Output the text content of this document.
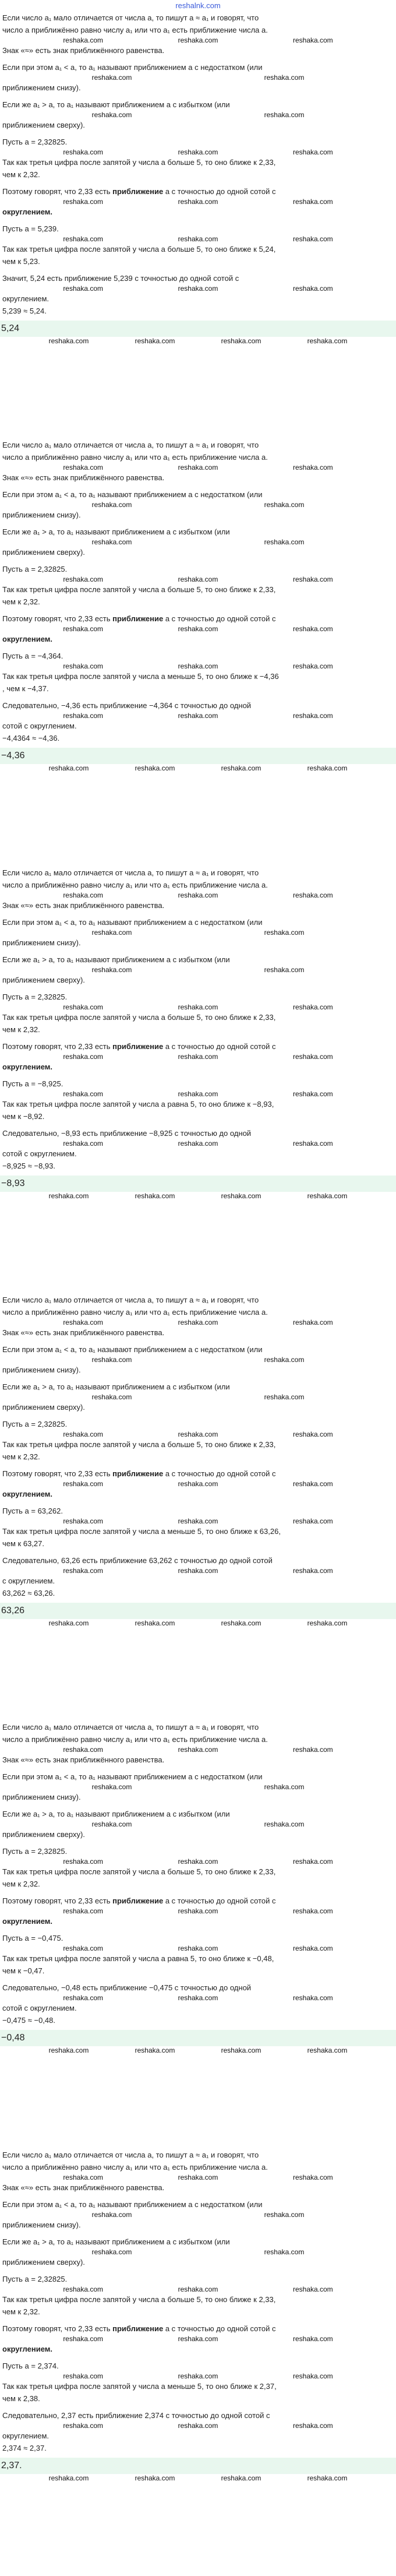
reshalnk.com

Если число a₁ мало отличается от числа a, то пишут a ≈ a₁ и говорят, что

число a приближённо равно числу a₁ или что a₁ есть приближение числа a.

reshaka.com	reshaka.com	reshaka.com

Знак «≈» есть знак приближённого равенства.

Если при этом a₁ < a, то a₁ называют приближением a с недостатком (или

reshaka.com	reshaka.com

приближением снизу).

Если же a₁ > a, то a₁ называют приближением a с избытком (или

reshaka.com	reshaka.com

приближением сверху).

Пусть a = 2,32825.

reshaka.com	reshaka.com	reshaka.com

Так как третья цифра после запятой у числа a больше 5, то оно ближе к 2,33,

чем к 2,32.

Поэтому говорят, что 2,33 есть приближение a с точностью до одной сотой с

reshaka.com	reshaka.com	reshaka.com

округлением.

Пусть a = 5,239.

reshaka.com	reshaka.com	reshaka.com

Так как третья цифра после запятой у числа a больше 5, то оно ближе к 5,24,

чем к 5,23.

Значит, 5,24 есть приближение 5,239 с точностью до одной сотой с

reshaka.com	reshaka.com	reshaka.com

округлением.

5,239 ≈ 5,24.

5,24
reshaka.com	reshaka.com	reshaka.com	reshaka.com

Если число a₁ мало отличается от числа a, то пишут a ≈ a₁ и говорят, что

число a приближённо равно числу a₁ или что a₁ есть приближение числа a.

reshaka.com	reshaka.com	reshaka.com

Знак «≈» есть знак приближённого равенства.

Если при этом a₁ < a, то a₁ называют приближением a с недостатком (или

reshaka.com	reshaka.com

приближением снизу).

Если же a₁ > a, то a₁ называют приближением a с избытком (или

reshaka.com	reshaka.com

приближением сверху).

Пусть a = 2,32825.

reshaka.com	reshaka.com	reshaka.com

Так как третья цифра после запятой у числа a больше 5, то оно ближе к 2,33,

чем к 2,32.

Поэтому говорят, что 2,33 есть приближение a с точностью до одной сотой с

reshaka.com	reshaka.com	reshaka.com

округлением.

Пусть a = −4,364.

reshaka.com	reshaka.com	reshaka.com

Так как третья цифра после запятой у числа a меньше 5, то оно ближе к −4,36

, чем к −4,37.

Следовательно, −4,36 есть приближение −4,364 с точностью до одной

reshaka.com	reshaka.com	reshaka.com

сотой с округлением.

−4,4364 ≈ −4,36.

−4,36
reshaka.com	reshaka.com	reshaka.com	reshaka.com

Если число a₁ мало отличается от числа a, то пишут a ≈ a₁ и говорят, что

число a приближённо равно числу a₁ или что a₁ есть приближение числа a.

reshaka.com	reshaka.com	reshaka.com

Знак «≈» есть знак приближённого равенства.

Если при этом a₁ < a, то a₁ называют приближением a с недостатком (или

reshaka.com	reshaka.com

приближением снизу).

Если же a₁ > a, то a₁ называют приближением a с избытком (или

reshaka.com	reshaka.com

приближением сверху).

Пусть a = 2,32825.

reshaka.com	reshaka.com	reshaka.com

Так как третья цифра после запятой у числа a больше 5, то оно ближе к 2,33,

чем к 2,32.

Поэтому говорят, что 2,33 есть приближение a с точностью до одной сотой с

reshaka.com	reshaka.com	reshaka.com

округлением.

Пусть a = −8,925.

reshaka.com	reshaka.com	reshaka.com

Так как третья цифра после запятой у числа a равна 5, то оно ближе к −8,93,

чем к −8,92.

Следовательно, −8,93 есть приближение −8,925 с точностью до одной

reshaka.com	reshaka.com	reshaka.com

сотой с округлением.

−8,925 ≈ −8,93.

−8,93
reshaka.com	reshaka.com	reshaka.com	reshaka.com

Если число a₁ мало отличается от числа a, то пишут a ≈ a₁ и говорят, что

число a приближённо равно числу a₁ или что a₁ есть приближение числа a.

reshaka.com	reshaka.com	reshaka.com

Знак «≈» есть знак приближённого равенства.

Если при этом a₁ < a, то a₁ называют приближением a с недостатком (или

reshaka.com	reshaka.com

приближением снизу).

Если же a₁ > a, то a₁ называют приближением a с избытком (или

reshaka.com	reshaka.com

приближением сверху).

Пусть a = 2,32825.

reshaka.com	reshaka.com	reshaka.com

Так как третья цифра после запятой у числа a больше 5, то оно ближе к 2,33,

чем к 2,32.

Поэтому говорят, что 2,33 есть приближение a с точностью до одной сотой с

reshaka.com	reshaka.com	reshaka.com

округлением.

Пусть a = 63,262.

reshaka.com	reshaka.com	reshaka.com

Так как третья цифра после запятой у числа a меньше 5, то оно ближе к 63,26,

чем к 63,27.

Следовательно, 63,26 есть приближение 63,262 с точностью до одной сотой

reshaka.com	reshaka.com	reshaka.com

с округлением.

63,262 ≈ 63,26.

63,26
reshaka.com	reshaka.com	reshaka.com	reshaka.com

Если число a₁ мало отличается от числа a, то пишут a ≈ a₁ и говорят, что

число a приближённо равно числу a₁ или что a₁ есть приближение числа a.

reshaka.com	reshaka.com	reshaka.com

Знак «≈» есть знак приближённого равенства.

Если при этом a₁ < a, то a₁ называют приближением a с недостатком (или

reshaka.com	reshaka.com

приближением снизу).

Если же a₁ > a, то a₁ называют приближением a с избытком (или

reshaka.com	reshaka.com

приближением сверху).

Пусть a = 2,32825.

reshaka.com	reshaka.com	reshaka.com

Так как третья цифра после запятой у числа a больше 5, то оно ближе к 2,33,

чем к 2,32.

Поэтому говорят, что 2,33 есть приближение a с точностью до одной сотой с

reshaka.com	reshaka.com	reshaka.com

округлением.

Пусть a = −0,475.

reshaka.com	reshaka.com	reshaka.com

Так как третья цифра после запятой у числа a равна 5, то оно ближе к −0,48,

чем к −0,47.

Следовательно, −0,48 есть приближение −0,475 с точностью до одной

reshaka.com	reshaka.com	reshaka.com

сотой с округлением.

−0,475 ≈ −0,48.

−0,48
reshaka.com	reshaka.com	reshaka.com	reshaka.com

Если число a₁ мало отличается от числа a, то пишут a ≈ a₁ и говорят, что

число a приближённо равно числу a₁ или что a₁ есть приближение числа a.

reshaka.com	reshaka.com	reshaka.com

Знак «≈» есть знак приближённого равенства.

Если при этом a₁ < a, то a₁ называют приближением a с недостатком (или

reshaka.com	reshaka.com

приближением снизу).

Если же a₁ > a, то a₁ называют приближением a с избытком (или

reshaka.com	reshaka.com

приближением сверху).

Пусть a = 2,32825.

reshaka.com	reshaka.com	reshaka.com

Так как третья цифра после запятой у числа a больше 5, то оно ближе к 2,33,

чем к 2,32.

Поэтому говорят, что 2,33 есть приближение a с точностью до одной сотой с

reshaka.com	reshaka.com	reshaka.com

округлением.

Пусть a = 2,374.

reshaka.com	reshaka.com	reshaka.com

Так как третья цифра после запятой у числа a меньше 5, то оно ближе к 2,37,

чем к 2,38.

Следовательно, 2,37 есть приближение 2,374 с точностью до одной сотой с

reshaka.com	reshaka.com	reshaka.com

округлением.

2,374 ≈ 2,37.

2,37.
reshaka.com	reshaka.com	reshaka.com	reshaka.com
